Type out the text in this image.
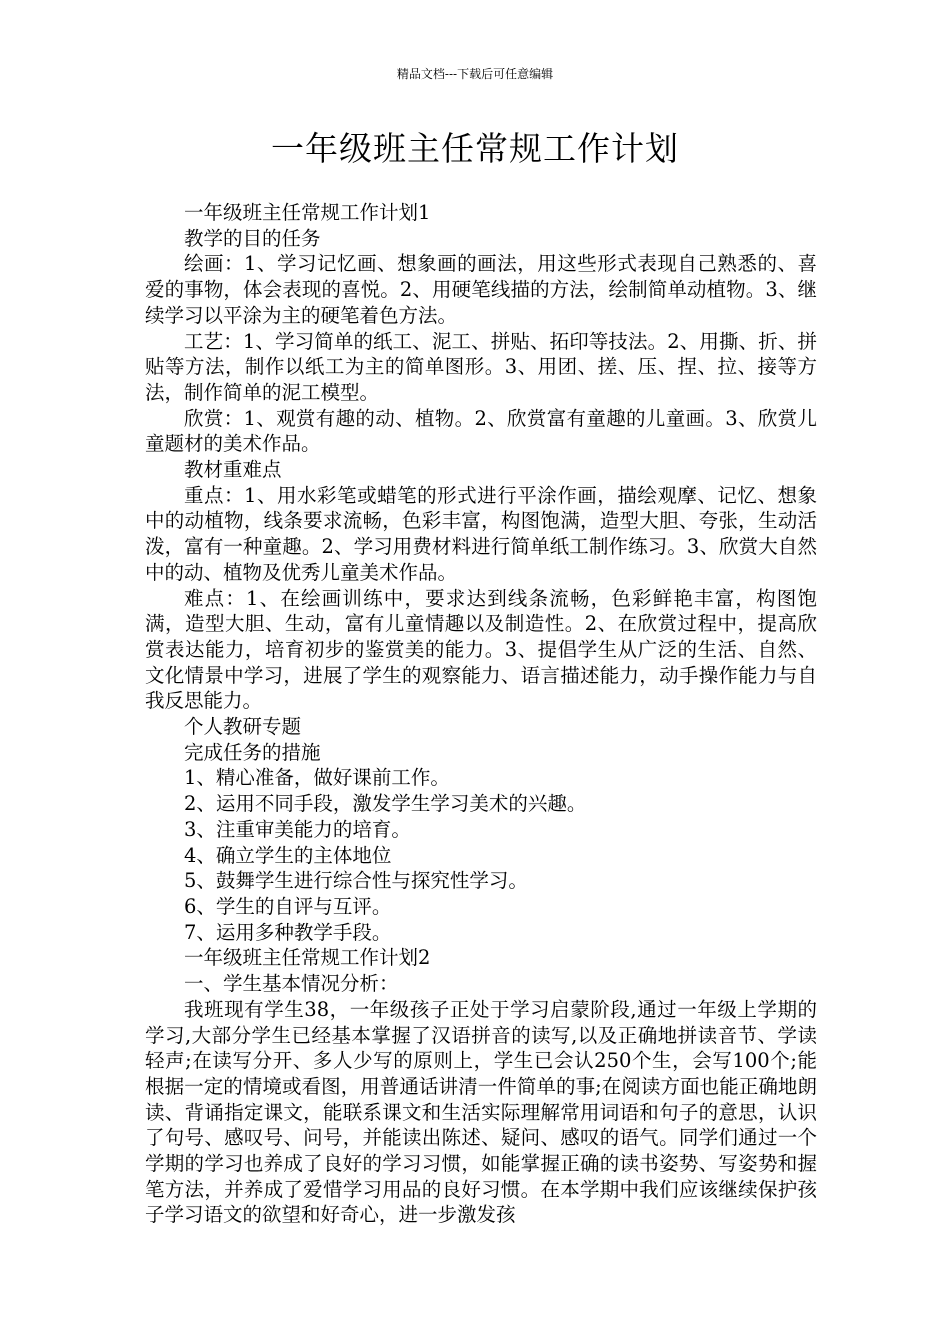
精品文档---下载后可任意编辑
一年级班主任常规工作计划

一年级班主任常规工作计划1

教学的目的任务

绘画：1、学习记忆画、想象画的画法，用这些形式表现自己熟悉的、喜爱的事物，体会表现的喜悦。2、用硬笔线描的方法，绘制简单动植物。3、继续学习以平涂为主的硬笔着色方法。

工艺：1、学习简单的纸工、泥工、拼贴、拓印等技法。2、用撕、折、拼贴等方法，制作以纸工为主的简单图形。3、用团、搓、压、捏、拉、接等方法，制作简单的泥工模型。

欣赏：1、观赏有趣的动、植物。2、欣赏富有童趣的儿童画。3、欣赏儿童题材的美术作品。

教材重难点

重点：1、用水彩笔或蜡笔的形式进行平涂作画，描绘观摩、记忆、想象中的动植物，线条要求流畅，色彩丰富，构图饱满，造型大胆、夸张，生动活泼，富有一种童趣。2、学习用费材料进行简单纸工制作练习。3、欣赏大自然中的动、植物及优秀儿童美术作品。

难点：1、在绘画训练中，要求达到线条流畅，色彩鲜艳丰富，构图饱满，造型大胆、生动，富有儿童情趣以及制造性。2、在欣赏过程中，提高欣赏表达能力，培育初步的鉴赏美的能力。3、提倡学生从广泛的生活、自然、文化情景中学习，进展了学生的观察能力、语言描述能力，动手操作能力与自我反思能力。

个人教研专题

完成任务的措施

1、精心准备，做好课前工作。

2、运用不同手段，激发学生学习美术的兴趣。

3、注重审美能力的培育。

4、确立学生的主体地位

5、鼓舞学生进行综合性与探究性学习。

6、学生的自评与互评。

7、运用多种教学手段。

一年级班主任常规工作计划2

一、学生基本情况分析：

我班现有学生38，一年级孩子正处于学习启蒙阶段,通过一年级上学期的学习,大部分学生已经基本掌握了汉语拼音的读写,以及正确地拼读音节、学读轻声;在读写分开、多人少写的原则上，学生已会认250个生，会写100个;能根据一定的情境或看图，用普通话讲清一件简单的事;在阅读方面也能正确地朗读、背诵指定课文，能联系课文和生活实际理解常用词语和句子的意思，认识了句号、感叹号、问号，并能读出陈述、疑问、感叹的语气。同学们通过一个学期的学习也养成了良好的学习习惯，如能掌握正确的读书姿势、写姿势和握笔方法，并养成了爱惜学习用品的良好习惯。在本学期中我们应该继续保护孩子学习语文的欲望和好奇心，进一步激发孩
